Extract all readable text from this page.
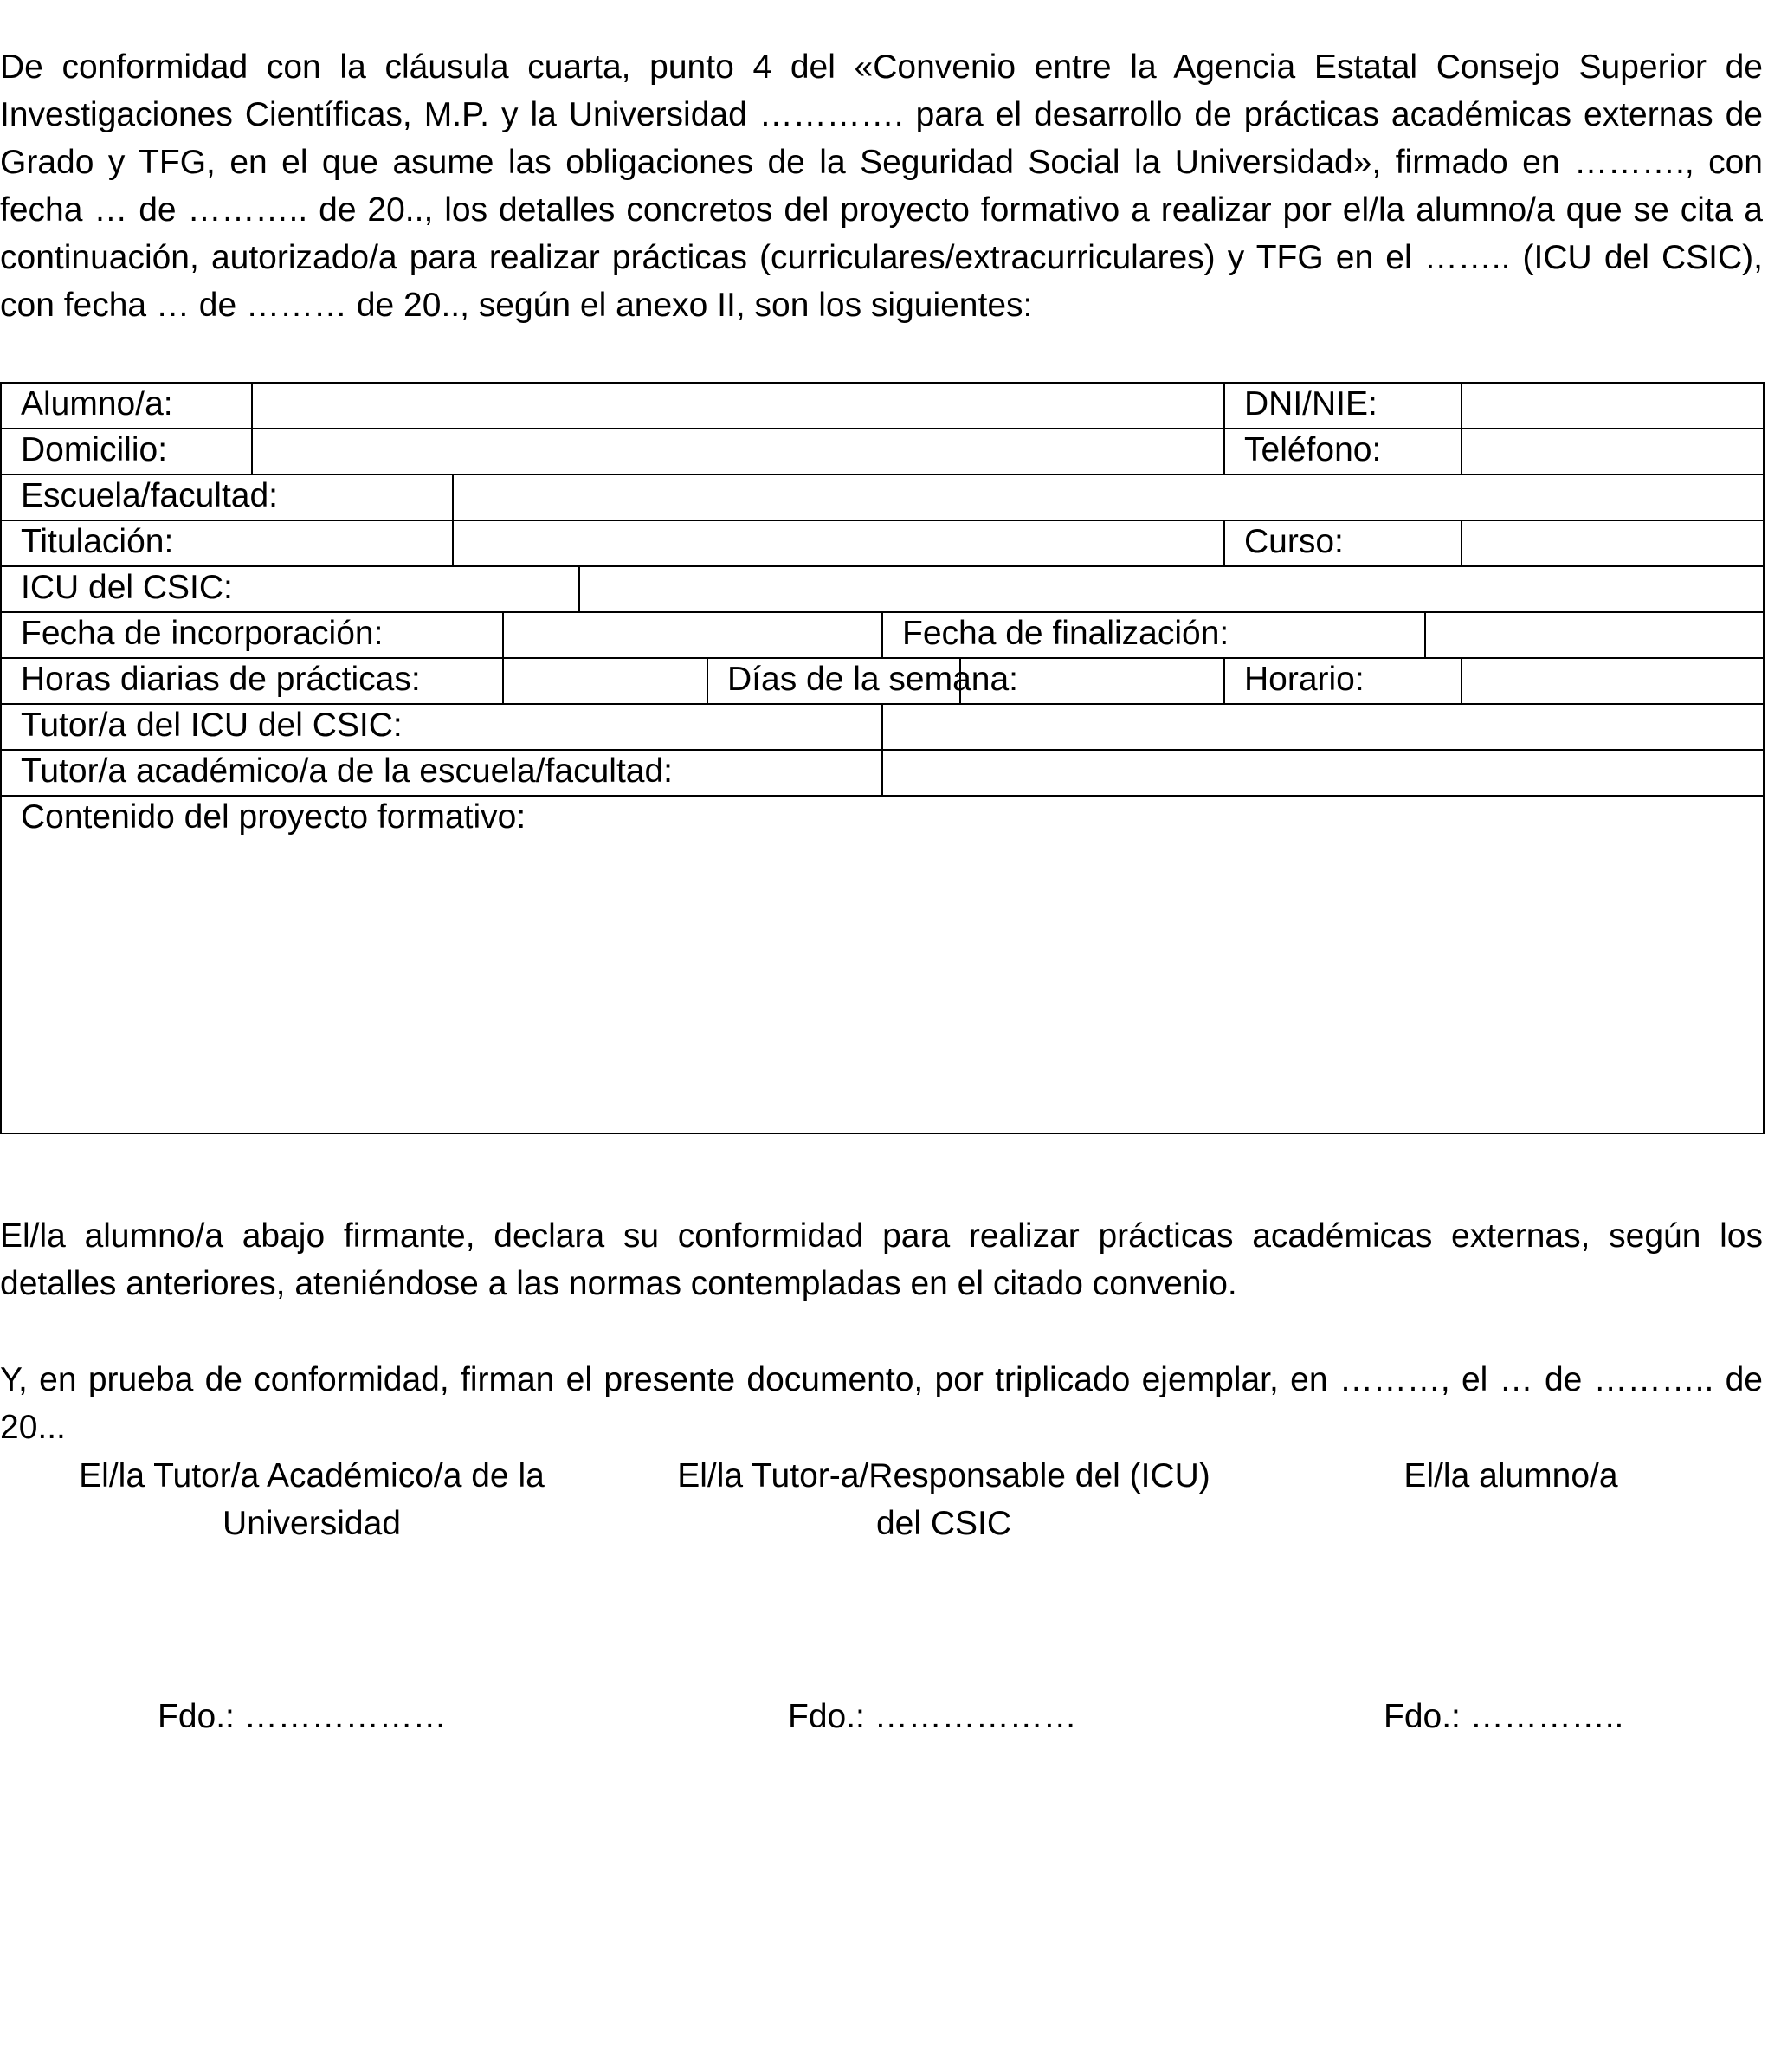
De conformidad con la cláusula cuarta, punto 4 del «Convenio entre la Agencia Estatal Consejo Superior de Investigaciones Científicas, M.P. y la Universidad …………. para el desarrollo de prácticas académicas externas de Grado y TFG, en el que asume las obligaciones de la Seguridad Social la Universidad», firmado en ………., con fecha … de ……….. de 20.., los detalles concretos del proyecto formativo a realizar por el/la alumno/a que se cita a continuación, autorizado/a para realizar prácticas (curriculares/extracurriculares) y TFG en el …….. (ICU del CSIC), con fecha … de ……… de 20.., según el anexo II, son los siguientes:

Alumno/a:								DNI/NIE:		
Domicilio:								Teléfono:		
Escuela/facultad:										
Titulación:								Curso:		
ICU del CSIC:										
Fecha de incorporación:						Fecha de finalización:				
Horas diarias de prácticas:					Días de la semana:			Horario:		
Tutor/a del ICU del CSIC:										
Tutor/a académico/a de la escuela/facultad:										
Contenido del proyecto formativo:										

El/la alumno/a abajo firmante, declara su conformidad para realizar prácticas académicas externas, según los detalles anteriores, ateniéndose a las normas contempladas en el citado convenio.

Y, en prueba de conformidad, firman el presente documento, por triplicado ejemplar, en ………, el … de ……….. de 20...

El/la Tutor/a Académico/a de la
Universidad
El/la Tutor-a/Responsable del (ICU)
del CSIC
El/la alumno/a
Fdo.: ………………	Fdo.: ………………	Fdo.: …………..
